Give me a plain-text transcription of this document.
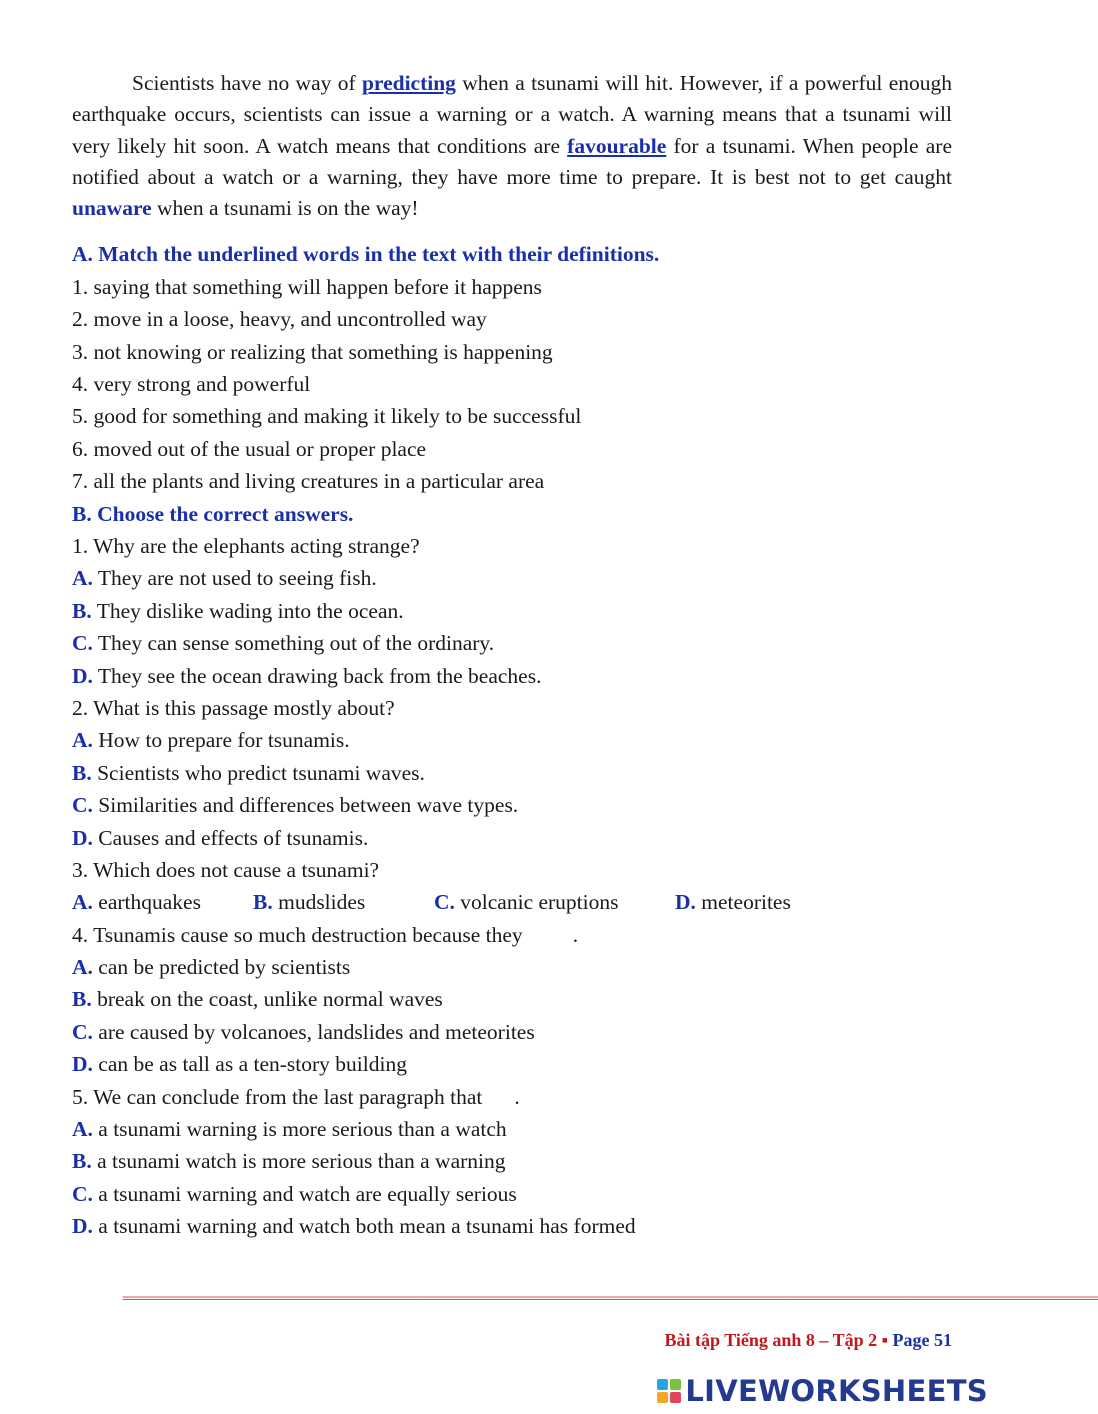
Scientists have no way of predicting when a tsunami will hit. However, if a powerful enough earthquake occurs, scientists can issue a warning or a watch. A warning means that a tsunami will very likely hit soon. A watch means that conditions are favourable for a tsunami. When people are notified about a watch or a warning, they have more time to prepare. It is best not to get caught unaware when a tsunami is on the way!

A. Match the underlined words in the text with their definitions.
1. saying that something will happen before it happens
2. move in a loose, heavy, and uncontrolled way
3. not knowing or realizing that something is happening
4. very strong and powerful
5. good for something and making it likely to be successful
6. moved out of the usual or proper place
7. all the plants and living creatures in a particular area
B. Choose the correct answers.
1. Why are the elephants acting strange?
A. They are not used to seeing fish.
B. They dislike wading into the ocean.
C. They can sense something out of the ordinary.
D. They see the ocean drawing back from the beaches.
2. What is this passage mostly about?
A. How to prepare for tsunamis.
B. Scientists who predict tsunami waves.
C. Similarities and differences between wave types.
D. Causes and effects of tsunamis.
3. Which does not cause a tsunami?
A. earthquakes	B. mudslides	C. volcanic eruptions	D. meteorites
4. Tsunamis cause so much destruction because they .
A. can be predicted by scientists
B. break on the coast, unlike normal waves
C. are caused by volcanoes, landslides and meteorites
D. can be as tall as a ten-story building
5. We can conclude from the last paragraph that .
A. a tsunami warning is more serious than a watch
B. a tsunami watch is more serious than a warning
C. a tsunami warning and watch are equally serious
D. a tsunami warning and watch both mean a tsunami has formed
==================================================================================================================================================================
Bài tập Tiếng anh 8 – Tập 2 ▪ Page 51
LIVEWORKSHEETS
